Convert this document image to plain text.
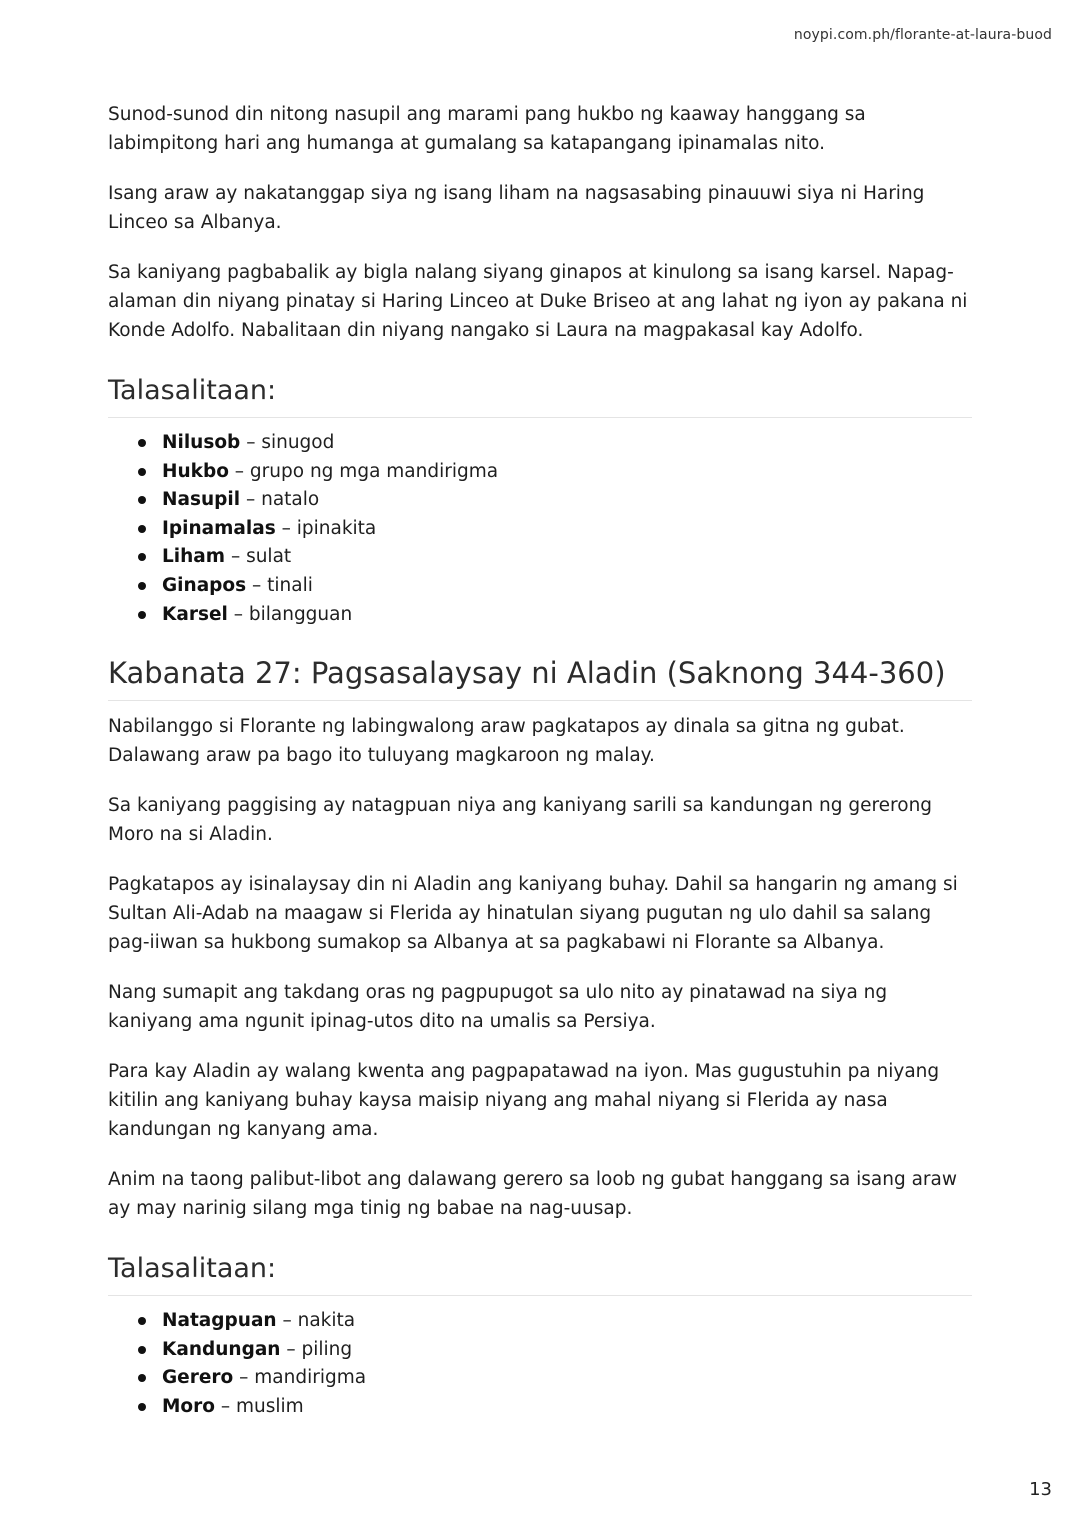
noypi.com.ph/florante-at-laura-buod

Sunod-sunod din nitong nasupil ang marami pang hukbo ng kaaway hanggang sa labimpitong hari ang humanga at gumalang sa katapangang ipinamalas nito.

Isang araw ay nakatanggap siya ng isang liham na nagsasabing pinauuwi siya ni Haring Linceo sa Albanya.

Sa kaniyang pagbabalik ay bigla nalang siyang ginapos at kinulong sa isang karsel. Napag-alaman din niyang pinatay si Haring Linceo at Duke Briseo at ang lahat ng iyon ay pakana ni Konde Adolfo. Nabalitaan din niyang nangako si Laura na magpakasal kay Adolfo.

Talasalitaan:
Nilusob – sinugod
Hukbo – grupo ng mga mandirigma
Nasupil – natalo
Ipinamalas – ipinakita
Liham – sulat
Ginapos – tinali
Karsel – bilangguan
Kabanata 27: Pagsasalaysay ni Aladin (Saknong 344-360)

Nabilanggo si Florante ng labingwalong araw pagkatapos ay dinala sa gitna ng gubat. Dalawang araw pa bago ito tuluyang magkaroon ng malay.

Sa kaniyang paggising ay natagpuan niya ang kaniyang sarili sa kandungan ng gererong Moro na si Aladin.

Pagkatapos ay isinalaysay din ni Aladin ang kaniyang buhay. Dahil sa hangarin ng amang si Sultan Ali-Adab na maagaw si Flerida ay hinatulan siyang pugutan ng ulo dahil sa salang pag-iiwan sa hukbong sumakop sa Albanya at sa pagkabawi ni Florante sa Albanya.

Nang sumapit ang takdang oras ng pagpupugot sa ulo nito ay pinatawad na siya ng kaniyang ama ngunit ipinag-utos dito na umalis sa Persiya.

Para kay Aladin ay walang kwenta ang pagpapatawad na iyon. Mas gugustuhin pa niyang kitilin ang kaniyang buhay kaysa maisip niyang ang mahal niyang si Flerida ay nasa kandungan ng kanyang ama.

Anim na taong palibut-libot ang dalawang gerero sa loob ng gubat hanggang sa isang araw ay may narinig silang mga tinig ng babae na nag-uusap.

Talasalitaan:
Natagpuan – nakita
Kandungan – piling
Gerero – mandirigma
Moro – muslim
13
